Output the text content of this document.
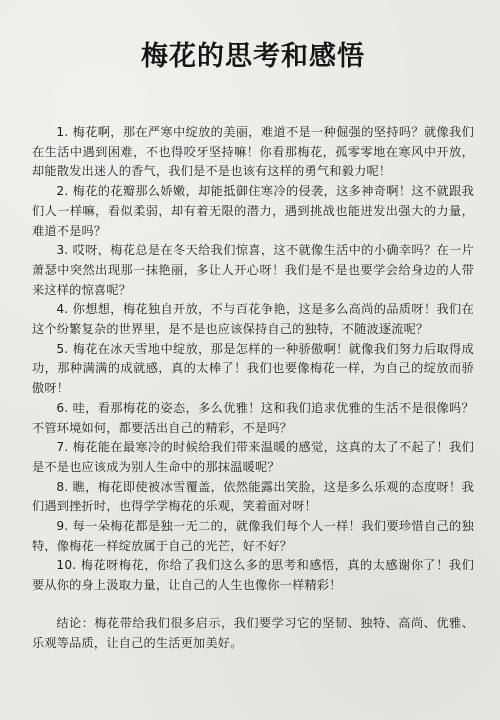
梅花的思考和感悟

1. 梅花啊，那在严寒中绽放的美丽，难道不是一种倔强的坚持吗？就像我们在生活中遇到困难，不也得咬牙坚持嘛！你看那梅花，孤零零地在寒风中开放，却能散发出迷人的香气，我们是不是也该有这样的勇气和毅力呢！

2. 梅花的花瓣那么娇嫩，却能抵御住寒冷的侵袭，这多神奇啊！这不就跟我们人一样嘛，看似柔弱，却有着无限的潜力，遇到挑战也能迸发出强大的力量，难道不是吗？

3. 哎呀，梅花总是在冬天给我们惊喜，这不就像生活中的小确幸吗？在一片萧瑟中突然出现那一抹艳丽，多让人开心呀！我们是不是也要学会给身边的人带来这样的惊喜呢？

4. 你想想，梅花独自开放，不与百花争艳，这是多么高尚的品质呀！我们在这个纷繁复杂的世界里，是不是也应该保持自己的独特，不随波逐流呢？

5. 梅花在冰天雪地中绽放，那是怎样的一种骄傲啊！就像我们努力后取得成功，那种满满的成就感，真的太棒了！我们也要像梅花一样，为自己的绽放而骄傲呀！

6. 哇，看那梅花的姿态，多么优雅！这和我们追求优雅的生活不是很像吗？不管环境如何，都要活出自己的精彩，不是吗？

7. 梅花能在最寒冷的时候给我们带来温暖的感觉，这真的太了不起了！我们是不是也应该成为别人生命中的那抹温暖呢？

8. 瞧，梅花即使被冰雪覆盖，依然能露出笑脸，这是多么乐观的态度呀！我们遇到挫折时，也得学学梅花的乐观，笑着面对呀！

9. 每一朵梅花都是独一无二的，就像我们每个人一样！我们要珍惜自己的独特，像梅花一样绽放属于自己的光芒，好不好？

10. 梅花呀梅花，你给了我们这么多的思考和感悟，真的太感谢你了！我们要从你的身上汲取力量，让自己的人生也像你一样精彩！

结论：梅花带给我们很多启示，我们要学习它的坚韧、独特、高尚、优雅、乐观等品质，让自己的生活更加美好。
